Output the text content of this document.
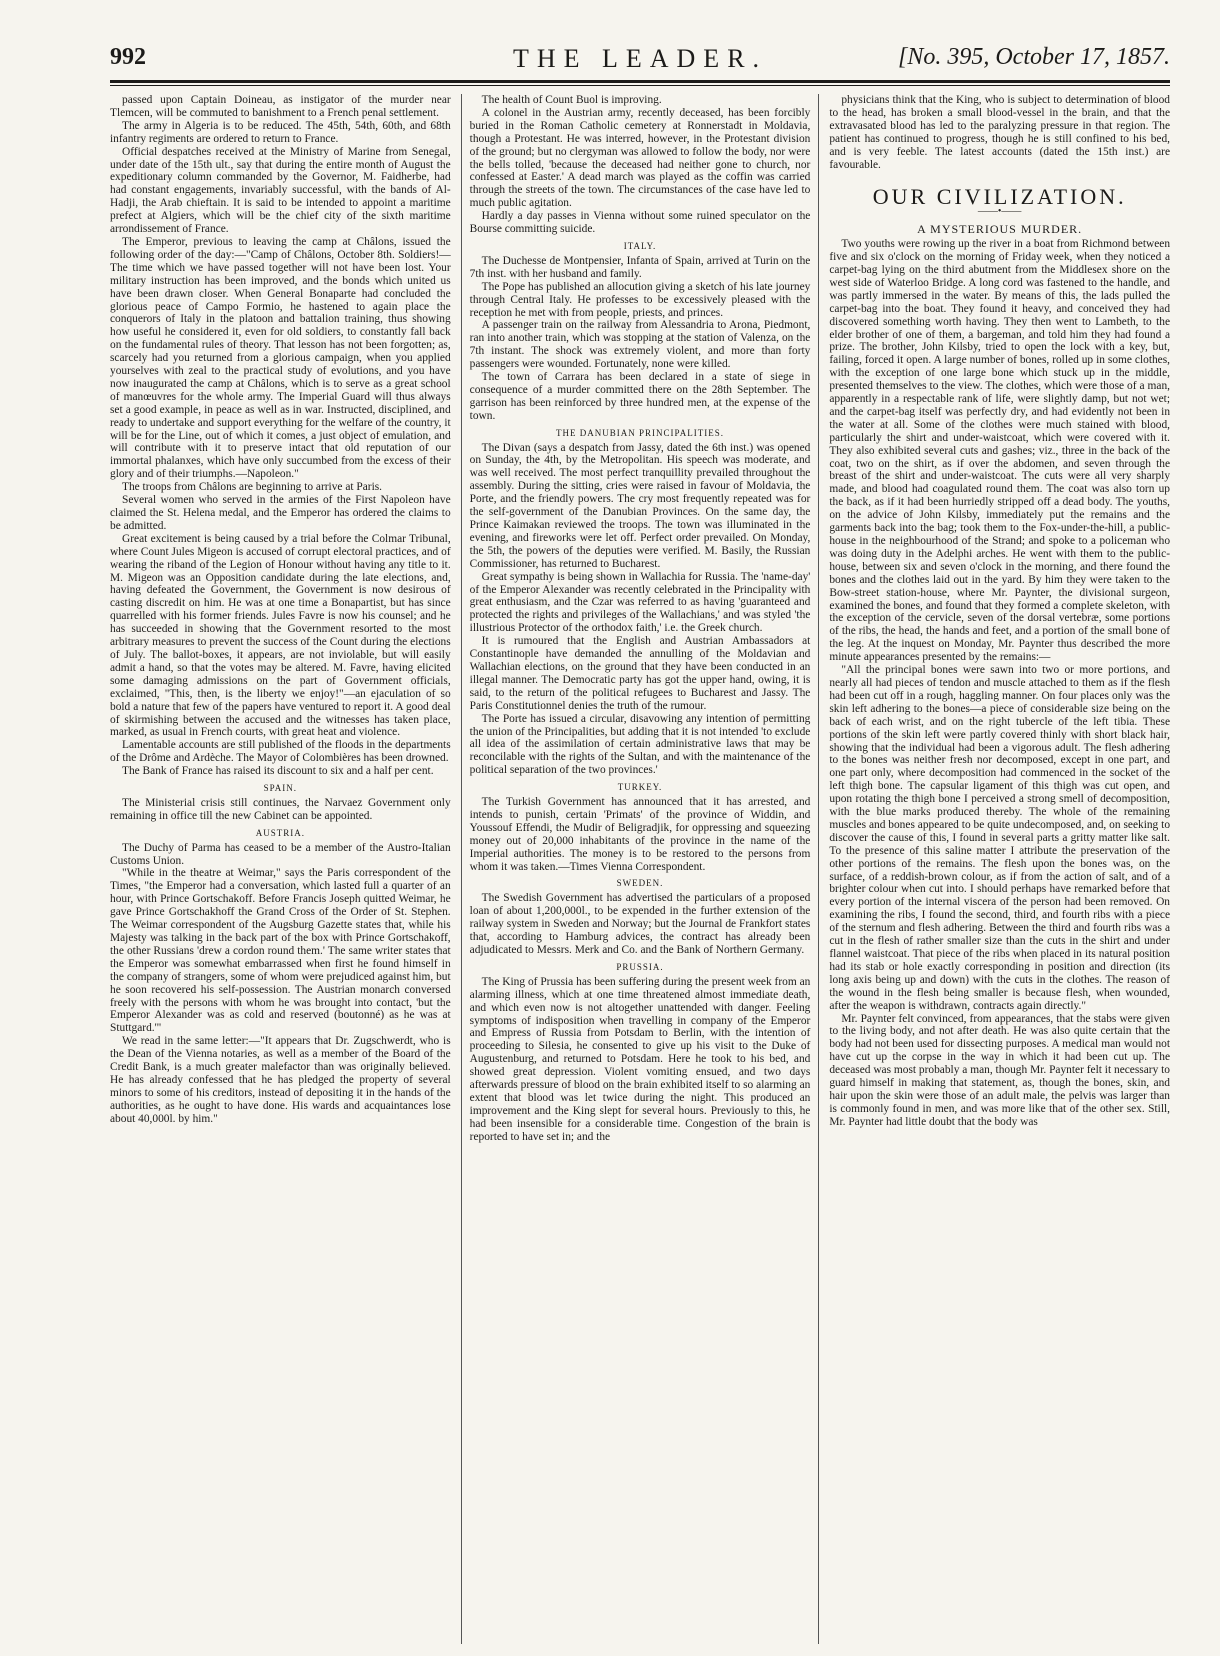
992	THE LEADER.	[No. 395, October 17, 1857.

passed upon Captain Doineau, as instigator of the murder near Tlemcen, will be commuted to banishment to a French penal settlement.

The army in Algeria is to be reduced. The 45th, 54th, 60th, and 68th infantry regiments are ordered to return to France.

Official despatches received at the Ministry of Marine from Senegal, under date of the 15th ult., say that during the entire month of August the expeditionary column commanded by the Governor, M. Faidherbe, had had constant engagements, invariably successful, with the bands of Al-Hadji, the Arab chieftain. It is said to be intended to appoint a maritime prefect at Algiers, which will be the chief city of the sixth maritime arrondissement of France.

The Emperor, previous to leaving the camp at Châlons, issued the following order of the day:—"Camp of Châlons, October 8th. Soldiers!—The time which we have passed together will not have been lost. Your military instruction has been improved, and the bonds which united us have been drawn closer. When General Bonaparte had concluded the glorious peace of Campo Formio, he hastened to again place the conquerors of Italy in the platoon and battalion training, thus showing how useful he considered it, even for old soldiers, to constantly fall back on the fundamental rules of theory. That lesson has not been forgotten; as, scarcely had you returned from a glorious campaign, when you applied yourselves with zeal to the practical study of evolutions, and you have now inaugurated the camp at Châlons, which is to serve as a great school of manœuvres for the whole army. The Imperial Guard will thus always set a good example, in peace as well as in war. Instructed, disciplined, and ready to undertake and support everything for the welfare of the country, it will be for the Line, out of which it comes, a just object of emulation, and will contribute with it to preserve intact that old reputation of our immortal phalanxes, which have only succumbed from the excess of their glory and of their triumphs.—Napoleon."

The troops from Châlons are beginning to arrive at Paris.

Several women who served in the armies of the First Napoleon have claimed the St. Helena medal, and the Emperor has ordered the claims to be admitted.

Great excitement is being caused by a trial before the Colmar Tribunal, where Count Jules Migeon is accused of corrupt electoral practices, and of wearing the riband of the Legion of Honour without having any title to it. M. Migeon was an Opposition candidate during the late elections, and, having defeated the Government, the Government is now desirous of casting discredit on him. He was at one time a Bonapartist, but has since quarrelled with his former friends. Jules Favre is now his counsel; and he has succeeded in showing that the Government resorted to the most arbitrary measures to prevent the success of the Count during the elections of July. The ballot-boxes, it appears, are not inviolable, but will easily admit a hand, so that the votes may be altered. M. Favre, having elicited some damaging admissions on the part of Government officials, exclaimed, "This, then, is the liberty we enjoy!"—an ejaculation of so bold a nature that few of the papers have ventured to report it. A good deal of skirmishing between the accused and the witnesses has taken place, marked, as usual in French courts, with great heat and violence.

Lamentable accounts are still published of the floods in the departments of the Drôme and Ardèche. The Mayor of Colombières has been drowned.

The Bank of France has raised its discount to six and a half per cent.

SPAIN.

The Ministerial crisis still continues, the Narvaez Government only remaining in office till the new Cabinet can be appointed.

AUSTRIA.

The Duchy of Parma has ceased to be a member of the Austro-Italian Customs Union.

"While in the theatre at Weimar," says the Paris correspondent of the Times, "the Emperor had a conversation, which lasted full a quarter of an hour, with Prince Gortschakoff. Before Francis Joseph quitted Weimar, he gave Prince Gortschakhoff the Grand Cross of the Order of St. Stephen. The Weimar correspondent of the Augsburg Gazette states that, while his Majesty was talking in the back part of the box with Prince Gortschakoff, the other Russians 'drew a cordon round them.' The same writer states that the Emperor was somewhat embarrassed when first he found himself in the company of strangers, some of whom were prejudiced against him, but he soon recovered his self-possession. The Austrian monarch conversed freely with the persons with whom he was brought into contact, 'but the Emperor Alexander was as cold and reserved (boutonné) as he was at Stuttgard.'"

We read in the same letter:—"It appears that Dr. Zugschwerdt, who is the Dean of the Vienna notaries, as well as a member of the Board of the Credit Bank, is a much greater malefactor than was originally believed. He has already confessed that he has pledged the property of several minors to some of his creditors, instead of depositing it in the hands of the authorities, as he ought to have done. His wards and acquaintances lose about 40,000l. by him."

The health of Count Buol is improving.

A colonel in the Austrian army, recently deceased, has been forcibly buried in the Roman Catholic cemetery at Ronnerstadt in Moldavia, though a Protestant. He was interred, however, in the Protestant division of the ground; but no clergyman was allowed to follow the body, nor were the bells tolled, 'because the deceased had neither gone to church, nor confessed at Easter.' A dead march was played as the coffin was carried through the streets of the town. The circumstances of the case have led to much public agitation.

Hardly a day passes in Vienna without some ruined speculator on the Bourse committing suicide.

ITALY.

The Duchesse de Montpensier, Infanta of Spain, arrived at Turin on the 7th inst. with her husband and family.

The Pope has published an allocution giving a sketch of his late journey through Central Italy. He professes to be excessively pleased with the reception he met with from people, priests, and princes.

A passenger train on the railway from Alessandria to Arona, Piedmont, ran into another train, which was stopping at the station of Valenza, on the 7th instant. The shock was extremely violent, and more than forty passengers were wounded. Fortunately, none were killed.

The town of Carrara has been declared in a state of siege in consequence of a murder committed there on the 28th September. The garrison has been reinforced by three hundred men, at the expense of the town.

THE DANUBIAN PRINCIPALITIES.

The Divan (says a despatch from Jassy, dated the 6th inst.) was opened on Sunday, the 4th, by the Metropolitan. His speech was moderate, and was well received. The most perfect tranquillity prevailed throughout the assembly. During the sitting, cries were raised in favour of Moldavia, the Porte, and the friendly powers. The cry most frequently repeated was for the self-government of the Danubian Provinces. On the same day, the Prince Kaimakan reviewed the troops. The town was illuminated in the evening, and fireworks were let off. Perfect order prevailed. On Monday, the 5th, the powers of the deputies were verified. M. Basily, the Russian Commissioner, has returned to Bucharest.

Great sympathy is being shown in Wallachia for Russia. The 'name-day' of the Emperor Alexander was recently celebrated in the Principality with great enthusiasm, and the Czar was referred to as having 'guaranteed and protected the rights and privileges of the Wallachians,' and was styled 'the illustrious Protector of the orthodox faith,' i.e. the Greek church.

It is rumoured that the English and Austrian Ambassadors at Constantinople have demanded the annulling of the Moldavian and Wallachian elections, on the ground that they have been conducted in an illegal manner. The Democratic party has got the upper hand, owing, it is said, to the return of the political refugees to Bucharest and Jassy. The Paris Constitutionnel denies the truth of the rumour.

The Porte has issued a circular, disavowing any intention of permitting the union of the Principalities, but adding that it is not intended 'to exclude all idea of the assimilation of certain administrative laws that may be reconcilable with the rights of the Sultan, and with the maintenance of the political separation of the two provinces.'

TURKEY.

The Turkish Government has announced that it has arrested, and intends to punish, certain 'Primats' of the province of Widdin, and Youssouf Effendi, the Mudir of Beligradjik, for oppressing and squeezing money out of 20,000 inhabitants of the province in the name of the Imperial authorities. The money is to be restored to the persons from whom it was taken.—Times Vienna Correspondent.

SWEDEN.

The Swedish Government has advertised the particulars of a proposed loan of about 1,200,000l., to be expended in the further extension of the railway system in Sweden and Norway; but the Journal de Frankfort states that, according to Hamburg advices, the contract has already been adjudicated to Messrs. Merk and Co. and the Bank of Northern Germany.

PRUSSIA.

The King of Prussia has been suffering during the present week from an alarming illness, which at one time threatened almost immediate death, and which even now is not altogether unattended with danger. Feeling symptoms of indisposition when travelling in company of the Emperor and Empress of Russia from Potsdam to Berlin, with the intention of proceeding to Silesia, he consented to give up his visit to the Duke of Augustenburg, and returned to Potsdam. Here he took to his bed, and showed great depression. Violent vomiting ensued, and two days afterwards pressure of blood on the brain exhibited itself to so alarming an extent that blood was let twice during the night. This produced an improvement and the King slept for several hours. Previously to this, he had been insensible for a considerable time. Congestion of the brain is reported to have set in; and the

physicians think that the King, who is subject to determination of blood to the head, has broken a small blood-vessel in the brain, and that the extravasated blood has led to the paralyzing pressure in that region. The patient has continued to progress, though he is still confined to his bed, and is very feeble. The latest accounts (dated the 15th inst.) are favourable.

OUR CIVILIZATION.
——•——
A MYSTERIOUS MURDER.

Two youths were rowing up the river in a boat from Richmond between five and six o'clock on the morning of Friday week, when they noticed a carpet-bag lying on the third abutment from the Middlesex shore on the west side of Waterloo Bridge. A long cord was fastened to the handle, and was partly immersed in the water. By means of this, the lads pulled the carpet-bag into the boat. They found it heavy, and conceived they had discovered something worth having. They then went to Lambeth, to the elder brother of one of them, a bargeman, and told him they had found a prize. The brother, John Kilsby, tried to open the lock with a key, but, failing, forced it open. A large number of bones, rolled up in some clothes, with the exception of one large bone which stuck up in the middle, presented themselves to the view. The clothes, which were those of a man, apparently in a respectable rank of life, were slightly damp, but not wet; and the carpet-bag itself was perfectly dry, and had evidently not been in the water at all. Some of the clothes were much stained with blood, particularly the shirt and under-waistcoat, which were covered with it. They also exhibited several cuts and gashes; viz., three in the back of the coat, two on the shirt, as if over the abdomen, and seven through the breast of the shirt and under-waistcoat. The cuts were all very sharply made, and blood had coagulated round them. The coat was also torn up the back, as if it had been hurriedly stripped off a dead body. The youths, on the advice of John Kilsby, immediately put the remains and the garments back into the bag; took them to the Fox-under-the-hill, a public-house in the neighbourhood of the Strand; and spoke to a policeman who was doing duty in the Adelphi arches. He went with them to the public-house, between six and seven o'clock in the morning, and there found the bones and the clothes laid out in the yard. By him they were taken to the Bow-street station-house, where Mr. Paynter, the divisional surgeon, examined the bones, and found that they formed a complete skeleton, with the exception of the cervicle, seven of the dorsal vertebræ, some portions of the ribs, the head, the hands and feet, and a portion of the small bone of the leg. At the inquest on Monday, Mr. Paynter thus described the more minute appearances presented by the remains:—

"All the principal bones were sawn into two or more portions, and nearly all had pieces of tendon and muscle attached to them as if the flesh had been cut off in a rough, haggling manner. On four places only was the skin left adhering to the bones—a piece of considerable size being on the back of each wrist, and on the right tubercle of the left tibia. These portions of the skin left were partly covered thinly with short black hair, showing that the individual had been a vigorous adult. The flesh adhering to the bones was neither fresh nor decomposed, except in one part, and one part only, where decomposition had commenced in the socket of the left thigh bone. The capsular ligament of this thigh was cut open, and upon rotating the thigh bone I perceived a strong smell of decomposition, with the blue marks produced thereby. The whole of the remaining muscles and bones appeared to be quite undecomposed, and, on seeking to discover the cause of this, I found in several parts a gritty matter like salt. To the presence of this saline matter I attribute the preservation of the other portions of the remains. The flesh upon the bones was, on the surface, of a reddish-brown colour, as if from the action of salt, and of a brighter colour when cut into. I should perhaps have remarked before that every portion of the internal viscera of the person had been removed. On examining the ribs, I found the second, third, and fourth ribs with a piece of the sternum and flesh adhering. Between the third and fourth ribs was a cut in the flesh of rather smaller size than the cuts in the shirt and under flannel waistcoat. That piece of the ribs when placed in its natural position had its stab or hole exactly corresponding in position and direction (its long axis being up and down) with the cuts in the clothes. The reason of the wound in the flesh being smaller is because flesh, when wounded, after the weapon is withdrawn, contracts again directly."

Mr. Paynter felt convinced, from appearances, that the stabs were given to the living body, and not after death. He was also quite certain that the body had not been used for dissecting purposes. A medical man would not have cut up the corpse in the way in which it had been cut up. The deceased was most probably a man, though Mr. Paynter felt it necessary to guard himself in making that statement, as, though the bones, skin, and hair upon the skin were those of an adult male, the pelvis was larger than is commonly found in men, and was more like that of the other sex. Still, Mr. Paynter had little doubt that the body was
